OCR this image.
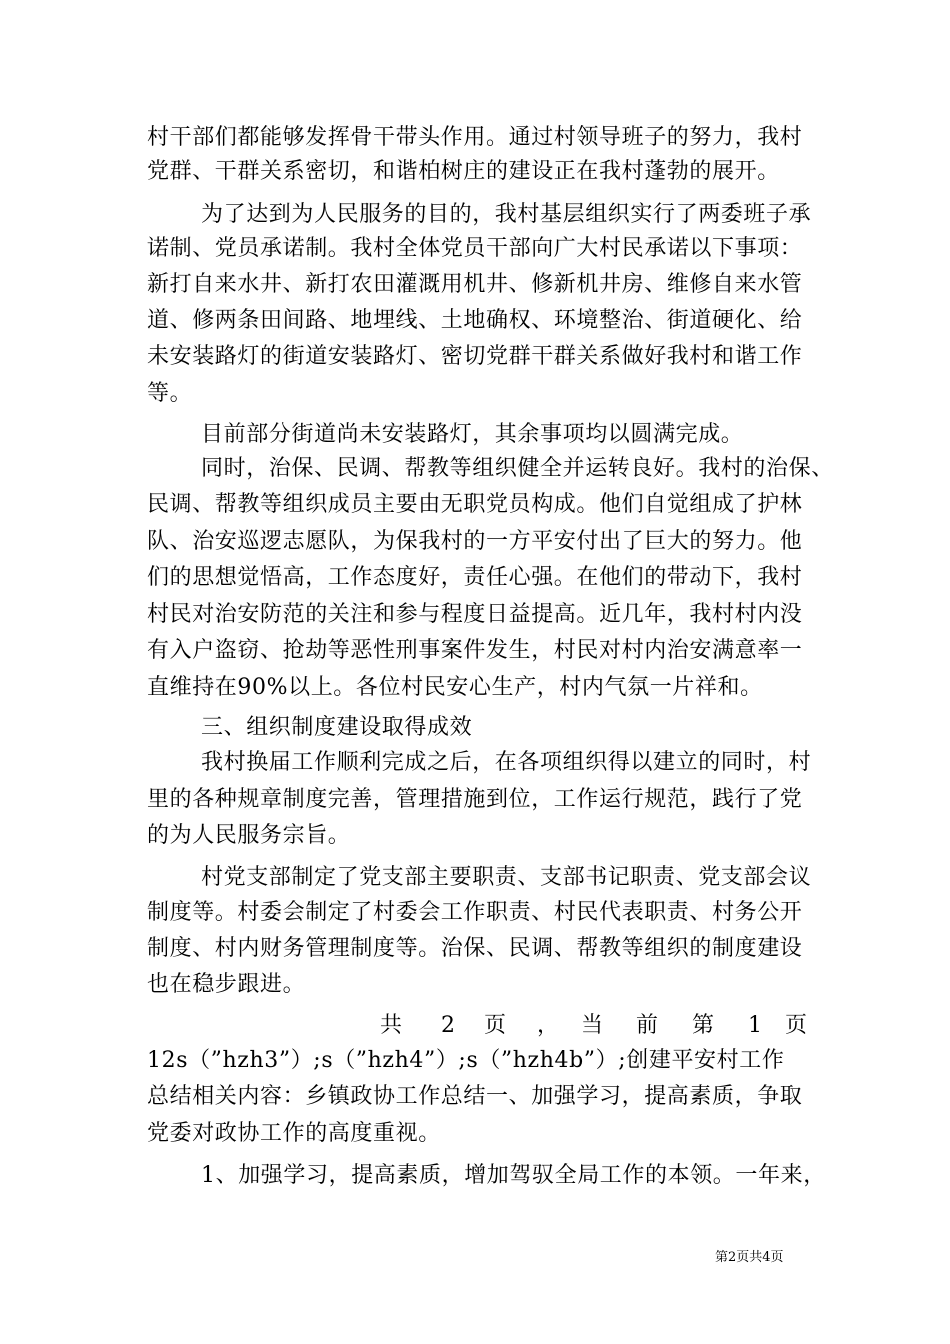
村干部们都能够发挥骨干带头作用。通过村领导班子的努力，我村
党群、干群关系密切，和谐柏树庄的建设正在我村蓬勃的展开。
为了达到为人民服务的目的，我村基层组织实行了两委班子承
诺制、党员承诺制。我村全体党员干部向广大村民承诺以下事项：
新打自来水井、新打农田灌溉用机井、修新机井房、维修自来水管
道、修两条田间路、地埋线、土地确权、环境整治、街道硬化、给
未安装路灯的街道安装路灯、密切党群干群关系做好我村和谐工作
等。
目前部分街道尚未安装路灯，其余事项均以圆满完成。
同时，治保、民调、帮教等组织健全并运转良好。我村的治保、
民调、帮教等组织成员主要由无职党员构成。他们自觉组成了护林
队、治安巡逻志愿队，为保我村的一方平安付出了巨大的努力。他
们的思想觉悟高，工作态度好，责任心强。在他们的带动下，我村
村民对治安防范的关注和参与程度日益提高。近几年，我村村内没
有入户盗窃、抢劫等恶性刑事案件发生，村民对村内治安满意率一
直维持在90%以上。各位村民安心生产，村内气氛一片祥和。
三、组织制度建设取得成效
我村换届工作顺利完成之后，在各项组织得以建立的同时，村
里的各种规章制度完善，管理措施到位，工作运行规范，践行了党
的为人民服务宗旨。
村党支部制定了党支部主要职责、支部书记职责、党支部会议
制度等。村委会制定了村委会工作职责、村民代表职责、村务公开
制度、村内财务管理制度等。治保、民调、帮教等组织的制度建设
也在稳步跟进。
共 2 页 ， 当 前 第 1 页
12s（”hzh3”）;s（”hzh4”）;s（”hzh4b”）;创建平安村工作
总结相关内容：乡镇政协工作总结一、加强学习，提高素质，争取
党委对政协工作的高度重视。
1、加强学习，提高素质，增加驾驭全局工作的本领。一年来，
第2页共4页
